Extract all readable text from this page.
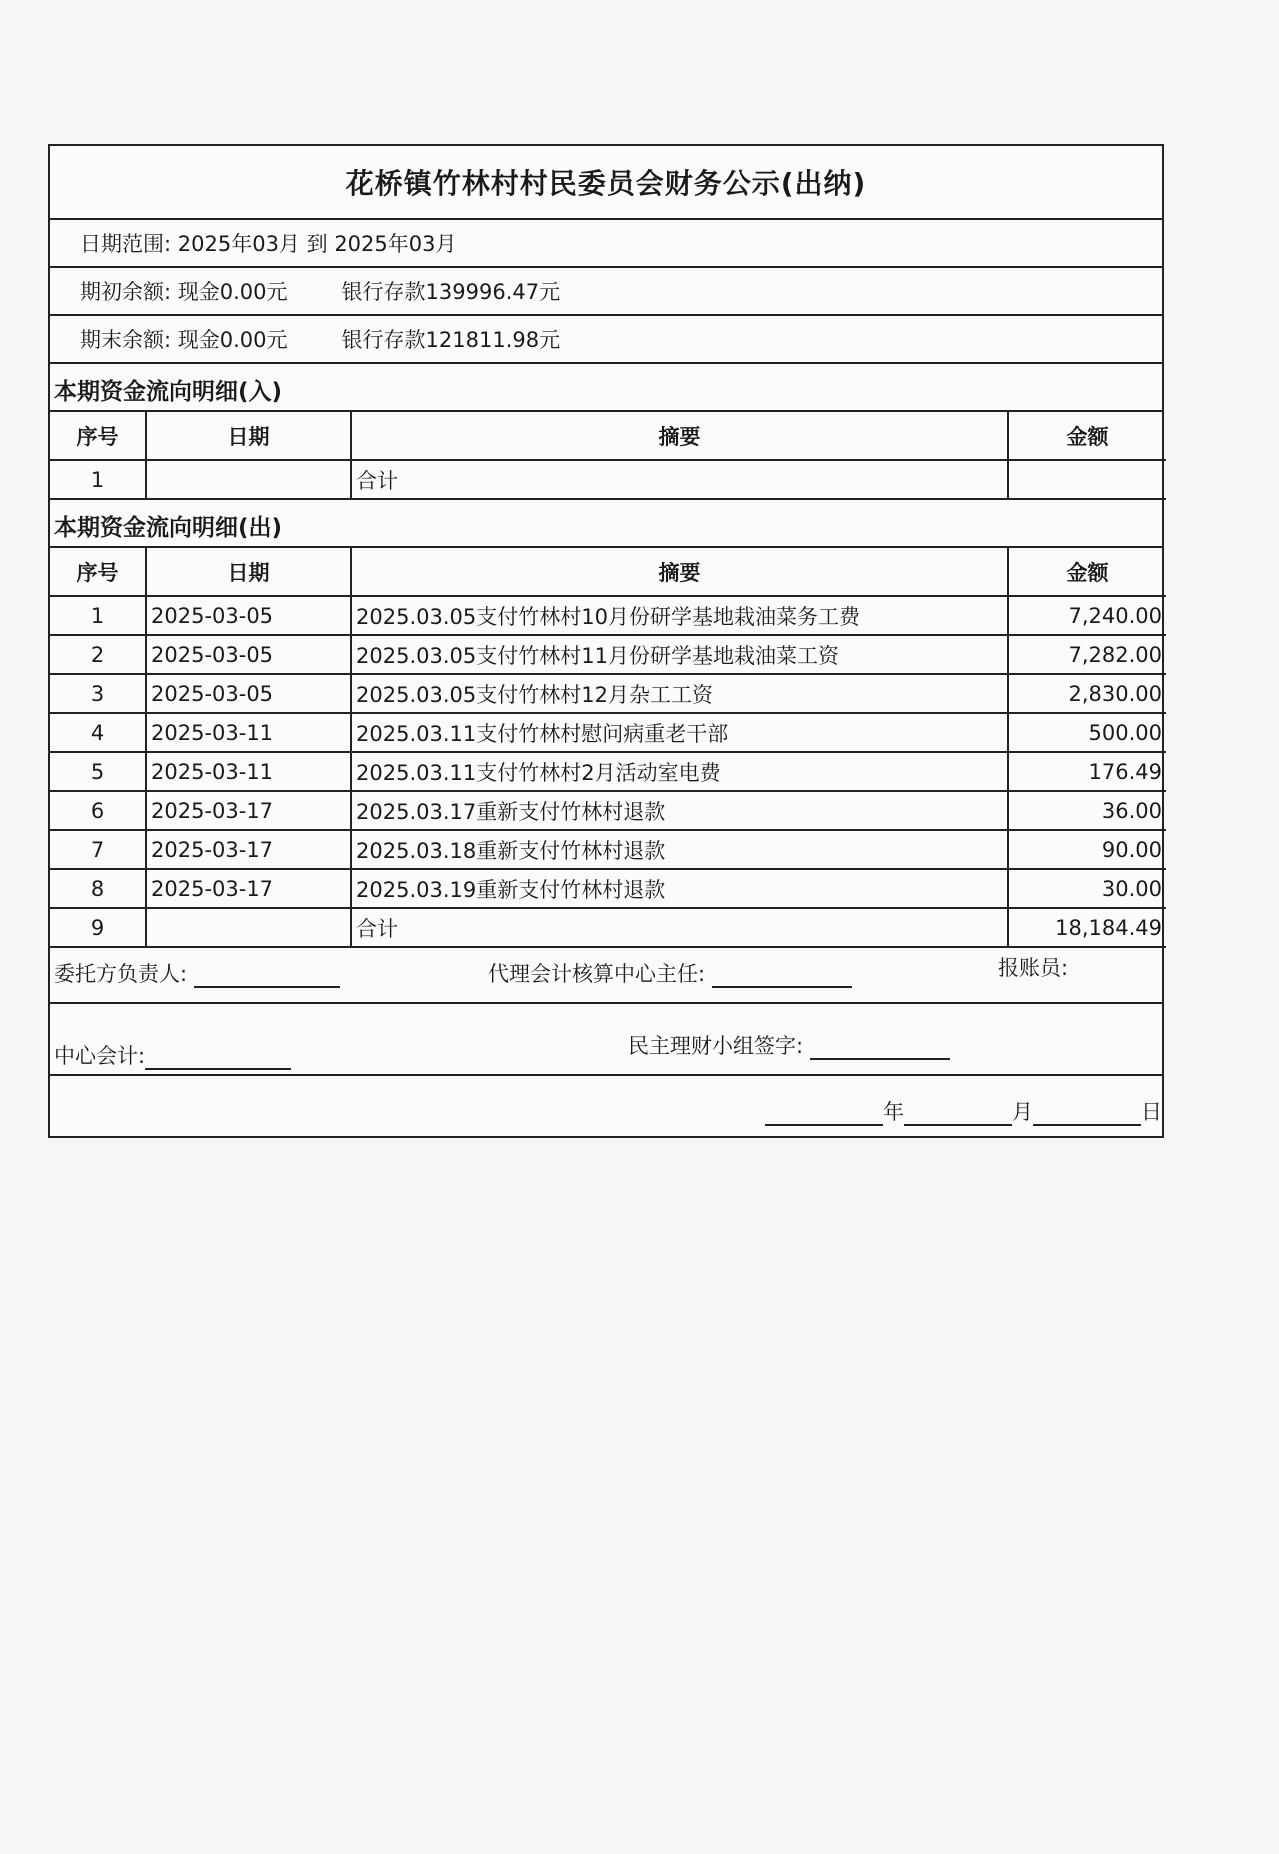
花桥镇竹林村村民委员会财务公示(出纳)
日期范围:
2025年03月
到
2025年03月
期初余额:
现金0.00元	银行存款139996.47元
期末余额:
现金0.00元	银行存款121811.98元
本期资金流向明细(入)
序号	日期	摘要	金额
1		合计	
本期资金流向明细(出)
序号	日期	摘要	金额
1	2025-03-05	2025.03.05支付竹林村10月份研学基地栽油菜务工费	7,240.00
2	2025-03-05	2025.03.05支付竹林村11月份研学基地栽油菜工资	7,282.00
3	2025-03-05	2025.03.05支付竹林村12月杂工工资	2,830.00
4	2025-03-11	2025.03.11支付竹林村慰问病重老干部	500.00
5	2025-03-11	2025.03.11支付竹林村2月活动室电费	176.49
6	2025-03-17	2025.03.17重新支付竹林村退款	36.00
7	2025-03-17	2025.03.18重新支付竹林村退款	90.00
8	2025-03-17	2025.03.19重新支付竹林村退款	30.00
9		合计	18,184.49
委托方负责人:	代理会计核算中心主任:	报账员:
中心会计:	民主理财小组签字:
年	月	日
